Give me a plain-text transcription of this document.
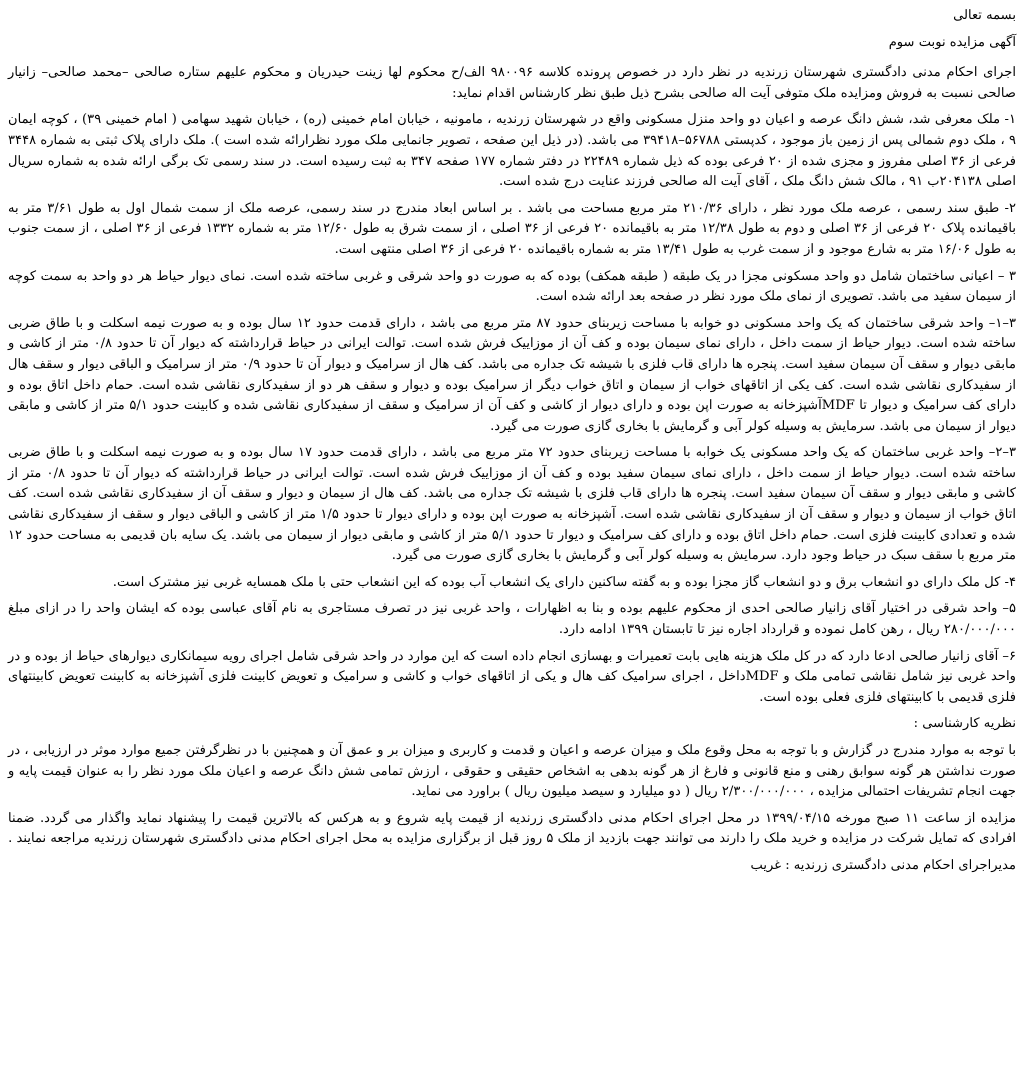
بسمه تعالی

آگهی مزایده نوبت سوم

اجرای احکام مدنی دادگستری شهرستان زرندیه در نظر دارد در خصوص پرونده کلاسه ۹۸۰۰۹۶ الف/ح محکوم لها زینت حیدریان و محکوم علیهم ستاره صالحی –محمد صالحی– زانیار صالحی نسبت به فروش ومزایده ملک متوفی آیت اله صالحی بشرح ذیل طبق نظر کارشناس اقدام نماید:

۱- ملک معرفی شد، شش دانگ عرصه و اعیان دو واحد منزل مسکونی واقع در شهرستان زرندیه ، مامونیه ، خیابان امام خمینی (ره) ، خیابان شهید سهامی ( امام خمینی ۳۹) ، کوچه ایمان ۹ ، ملک دوم شمالی پس از زمین باز موجود ، کدپستی ۵۶۷۸۸–۳۹۴۱۸ می باشد. (در ذیل این صفحه ، تصویر جانمایی ملک مورد نظرارائه شده است ). ملک دارای پلاک ثبتی به شماره ۳۴۴۸ فرعی از ۳۶ اصلی مفروز و مجزی شده از ۲۰ فرعی بوده که ذیل شماره ۲۲۴۸۹ در دفتر شماره ۱۷۷ صفحه ۳۴۷ به ثبت رسیده است. در سند رسمی تک برگی ارائه شده به شماره سریال اصلی ۲۰۴۱۳۸ب ۹۱ ، مالک شش دانگ ملک ، آقای آیت اله صالحی فرزند عنایت درج شده است.

۲- طبق سند رسمی ، عرصه ملک مورد نظر ، دارای ۲۱۰/۳۶ متر مربع مساحت می باشد . بر اساس ابعاد مندرج در سند رسمی، عرصه ملک از سمت شمال اول به طول ۳/۶۱ متر به باقیمانده پلاک ۲۰ فرعی از ۳۶ اصلی و دوم به طول ۱۲/۳۸ متر به باقیمانده ۲۰ فرعی از ۳۶ اصلی ، از سمت شرق به طول ۱۲/۶۰ متر به شماره ۱۳۳۲ فرعی از ۳۶ اصلی ، از سمت جنوب به طول ۱۶/۰۶ متر به شارع موجود و از سمت غرب به طول ۱۳/۴۱ متر به شماره باقیمانده ۲۰ فرعی از ۳۶ اصلی منتهی است.

۳ – اعیانی ساختمان شامل دو واحد مسکونی مجزا در یک طبقه ( طبقه همکف) بوده که به صورت دو واحد شرقی و غربی ساخته شده است. نمای دیوار حیاط هر دو واحد به سمت کوچه از سیمان سفید می باشد. تصویری از نمای ملک مورد نظر در صفحه بعد ارائه شده است.

۳–۱– واحد شرقی ساختمان که یک واحد مسکونی دو خوابه با مساحت زیربنای حدود ۸۷ متر مربع می باشد ، دارای قدمت حدود ۱۲ سال بوده و به صورت نیمه اسکلت و با طاق ضربی ساخته شده است. دیوار حیاط از سمت داخل ، دارای نمای سیمان بوده و کف آن از موزاییک فرش شده است. توالت ایرانی در حیاط قرارداشته که دیوار آن تا حدود ۰/۸ متر از کاشی و مابقی دیوار و سقف آن سیمان سفید است. پنجره ها دارای قاب فلزی با شیشه تک جداره می باشد. کف هال از سرامیک و دیوار آن تا حدود ۰/۹ متر از سرامیک و الباقی دیوار و سقف هال از سفیدکاری نقاشی شده است. کف یکی از اتاقهای خواب از سیمان و اتاق خواب دیگر از سرامیک بوده و دیوار و سقف هر دو از سفیدکاری نقاشی شده است. حمام داخل اتاق بوده و دارای کف سرامیک و دیوار تا MDFآشپزخانه به صورت اپن بوده و دارای دیوار از کاشی و کف آن از سرامیک و سقف از سفیدکاری نقاشی شده و کابینت حدود ۵/۱ متر از کاشی و مابقی دیوار از سیمان می باشد. سرمایش به وسیله کولر آبی و گرمایش با بخاری گازی صورت می گیرد.

۳–۲– واحد غربی ساختمان که یک واحد مسکونی یک خوابه با مساحت زیربنای حدود ۷۲ متر مربع می باشد ، دارای قدمت حدود ۱۷ سال بوده و به صورت نیمه اسکلت و با طاق ضربی ساخته شده است. دیوار حیاط از سمت داخل ، دارای نمای سیمان سفید بوده و کف آن از موزاییک فرش شده است. توالت ایرانی در حیاط قرارداشته که دیوار آن تا حدود ۰/۸ متر از کاشی و مابقی دیوار و سقف آن سیمان سفید است. پنجره ها دارای قاب فلزی با شیشه تک جداره می باشد. کف هال از سیمان و دیوار و سقف آن از سفیدکاری نقاشی شده است. کف اتاق خواب از سیمان و دیوار و سقف آن از سفیدکاری نقاشی شده است. آشپزخانه به صورت اپن بوده و دارای دیوار تا حدود ۱/۵ متر از کاشی و الباقی دیوار و سقف از سفیدکاری نقاشی شده و تعدادی کابینت فلزی است. حمام داخل اتاق بوده و دارای کف سرامیک و دیوار تا حدود ۵/۱ متر از کاشی و مابقی دیوار از سیمان می باشد. یک سایه بان قدیمی به مساحت حدود ۱۲ متر مربع با سقف سبک در حیاط وجود دارد. سرمایش به وسیله کولر آبی و گرمایش با بخاری گازی صورت می گیرد.

۴- کل ملک دارای دو انشعاب برق و دو انشعاب گاز مجزا بوده و به گفته ساکنین دارای یک انشعاب آب بوده که این انشعاب حتی با ملک همسایه غربی نیز مشترک است.

۵– واحد شرقی در اختیار آقای زانیار صالحی احدی از محکوم علیهم بوده و بنا به اظهارات ، واحد غربی نیز در تصرف مستاجری به نام آقای عباسی بوده که ایشان واحد را در ازای مبلغ ۲۸۰/۰۰۰/۰۰۰ ریال ، رهن کامل نموده و قرارداد اجاره نیز تا تابستان ۱۳۹۹ ادامه دارد.

۶– آقای زانیار صالحی ادعا دارد که در کل ملک هزینه هایی بابت تعمیرات و بهسازی انجام داده است که این موارد در واحد شرقی شامل اجرای رویه سیمانکاری دیوارهای حیاط از بوده و در واحد غربی نیز شامل نقاشی تمامی ملک و MDFداخل ، اجرای سرامیک کف هال و یکی از اتاقهای خواب و کاشی و سرامیک و تعویض کابینت فلزی آشپزخانه به کابینت تعویض کابینتهای فلزی قدیمی با کابینتهای فلزی فعلی بوده است.

نظریه کارشناسی :

با توجه به موارد مندرج در گزارش و با توجه به محل وقوع ملک و میزان عرصه و اعیان و قدمت و کاربری و میزان بر و عمق آن و همچنین با در نظرگرفتن جمیع موارد موثر در ارزیابی ، در صورت نداشتن هر گونه سوابق رهنی و منع قانونی و فارغ از هر گونه بدهی به اشخاص حقیقی و حقوقی ، ارزش تمامی شش دانگ عرصه و اعیان ملک مورد نظر را به عنوان قیمت پایه و جهت انجام تشریفات احتمالی مزایده ، ۲/۳۰۰/۰۰۰/۰۰۰ ریال ( دو میلیارد و سیصد میلیون ریال ) براورد می نماید.

مزایده از ساعت ۱۱ صبح مورخه ۱۳۹۹/۰۴/۱۵ در محل اجرای احکام مدنی دادگستری زرندیه از قیمت پایه شروع و به هرکس که بالاترین قیمت را پیشنهاد نماید واگذار می گردد. ضمنا افرادی که تمایل شرکت در مزایده و خرید ملک را دارند می توانند جهت بازدید از ملک ۵ روز قبل از برگزاری مزایده به محل اجرای احکام مدنی دادگستری شهرستان زرندیه مراجعه نمایند .

مدیراجرای احکام مدنی دادگستری زرندیه : غریب
